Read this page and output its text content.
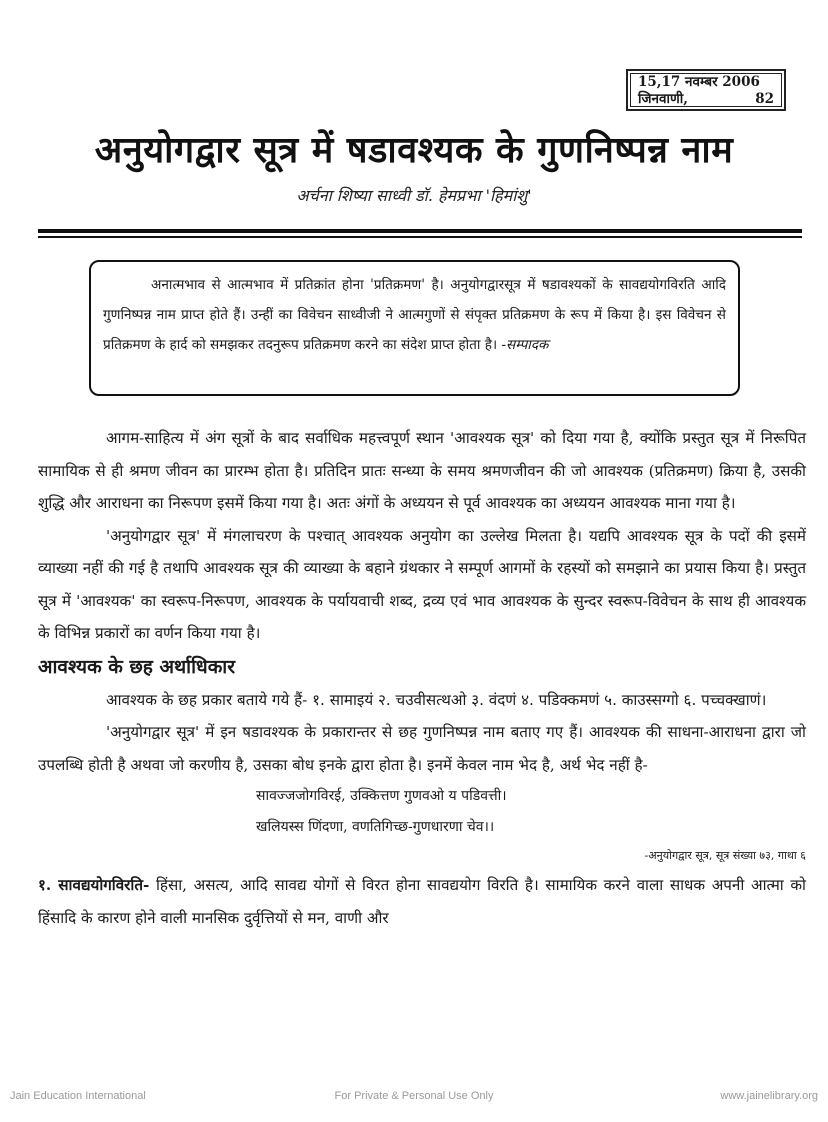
15,17 नवम्बर 2006
जिनवाणी,	82
अनुयोगद्वार सूत्र में षडावश्यक के गुणनिष्पन्न नाम
अर्चना शिष्या साध्वी डॉ. हेमप्रभा 'हिमांशु'
अनात्मभाव से आत्मभाव में प्रतिक्रांत होना 'प्रतिक्रमण' है। अनुयोगद्वारसूत्र में षडावश्यकों के सावद्ययोगविरति आदि गुणनिष्पन्न नाम प्राप्त होते हैं। उन्हीं का विवेचन साध्वीजी ने आत्मगुणों से संपृक्त प्रतिक्रमण के रूप में किया है। इस विवेचन से प्रतिक्रमण के हार्द को समझकर तदनुरूप प्रतिक्रमण करने का संदेश प्राप्त होता है। -सम्पादक

आगम-साहित्य में अंग सूत्रों के बाद सर्वाधिक महत्त्वपूर्ण स्थान 'आवश्यक सूत्र' को दिया गया है, क्योंकि प्रस्तुत सूत्र में निरूपित सामायिक से ही श्रमण जीवन का प्रारम्भ होता है। प्रतिदिन प्रातः सन्ध्या के समय श्रमणजीवन की जो आवश्यक (प्रतिक्रमण) क्रिया है, उसकी शुद्धि और आराधना का निरूपण इसमें किया गया है। अतः अंगों के अध्ययन से पूर्व आवश्यक का अध्ययन आवश्यक माना गया है।

'अनुयोगद्वार सूत्र' में मंगलाचरण के पश्चात् आवश्यक अनुयोग का उल्लेख मिलता है। यद्यपि आवश्यक सूत्र के पदों की इसमें व्याख्या नहीं की गई है तथापि आवश्यक सूत्र की व्याख्या के बहाने ग्रंथकार ने सम्पूर्ण आगमों के रहस्यों को समझाने का प्रयास किया है। प्रस्तुत सूत्र में 'आवश्यक' का स्वरूप-निरूपण, आवश्यक के पर्यायवाची शब्द, द्रव्य एवं भाव आवश्यक के सुन्दर स्वरूप-विवेचन के साथ ही आवश्यक के विभिन्न प्रकारों का वर्णन किया गया है।

आवश्यक के छह अर्थाधिकार

आवश्यक के छह प्रकार बताये गये हैं- १. सामाइयं २. चउवीसत्थओ ३. वंदणं ४. पडिक्कमणं ५. काउस्सग्गो ६. पच्चक्खाणं।

'अनुयोगद्वार सूत्र' में इन षडावश्यक के प्रकारान्तर से छह गुणनिष्पन्न नाम बताए गए हैं। आवश्यक की साधना-आराधना द्वारा जो उपलब्धि होती है अथवा जो करणीय है, उसका बोध इनके द्वारा होता है। इनमें केवल नाम भेद है, अर्थ भेद नहीं है-

सावज्जजोगविरई, उक्कित्तण गुणवओ य पडिवत्ती।
खलियस्स णिंदणा, वणतिगिच्छ-गुणधारणा चेव।।
-अनुयोगद्वार सूत्र, सूत्र संख्या ७३, गाथा ६

१. सावद्ययोगविरति- हिंसा, असत्य, आदि सावद्य योगों से विरत होना सावद्ययोग विरति है। सामायिक करने वाला साधक अपनी आत्मा को हिंसादि के कारण होने वाली मानसिक दुर्वृत्तियों से मन, वाणी और

Jain Education International	For Private & Personal Use Only	www.jainelibrary.org
